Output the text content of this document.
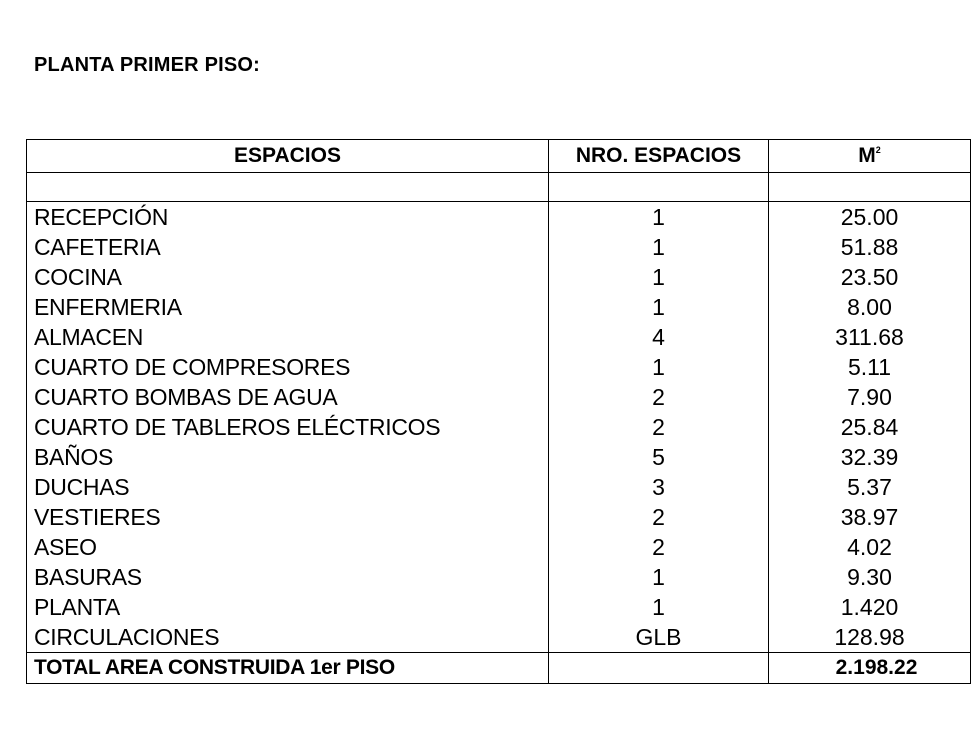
PLANTA PRIMER PISO:
ESPACIOS	NRO. ESPACIOS	$M^2$

RECEPCIÓN	1	25.00
CAFETERIA	1	51.88
COCINA	1	23.50
ENFERMERIA	1	8.00
ALMACEN	4	311.68
CUARTO DE COMPRESORES	1	5.11
CUARTO BOMBAS DE AGUA	2	7.90
CUARTO DE TABLEROS ELÉCTRICOS	2	25.84
BAÑOS	5	32.39
DUCHAS	3	5.37
VESTIERES	2	38.97
ASEO	2	4.02
BASURAS	1	9.30
PLANTA	1	1.420
CIRCULACIONES	GLB	128.98
TOTAL AREA CONSTRUIDA 1er PISO		2.198.22
